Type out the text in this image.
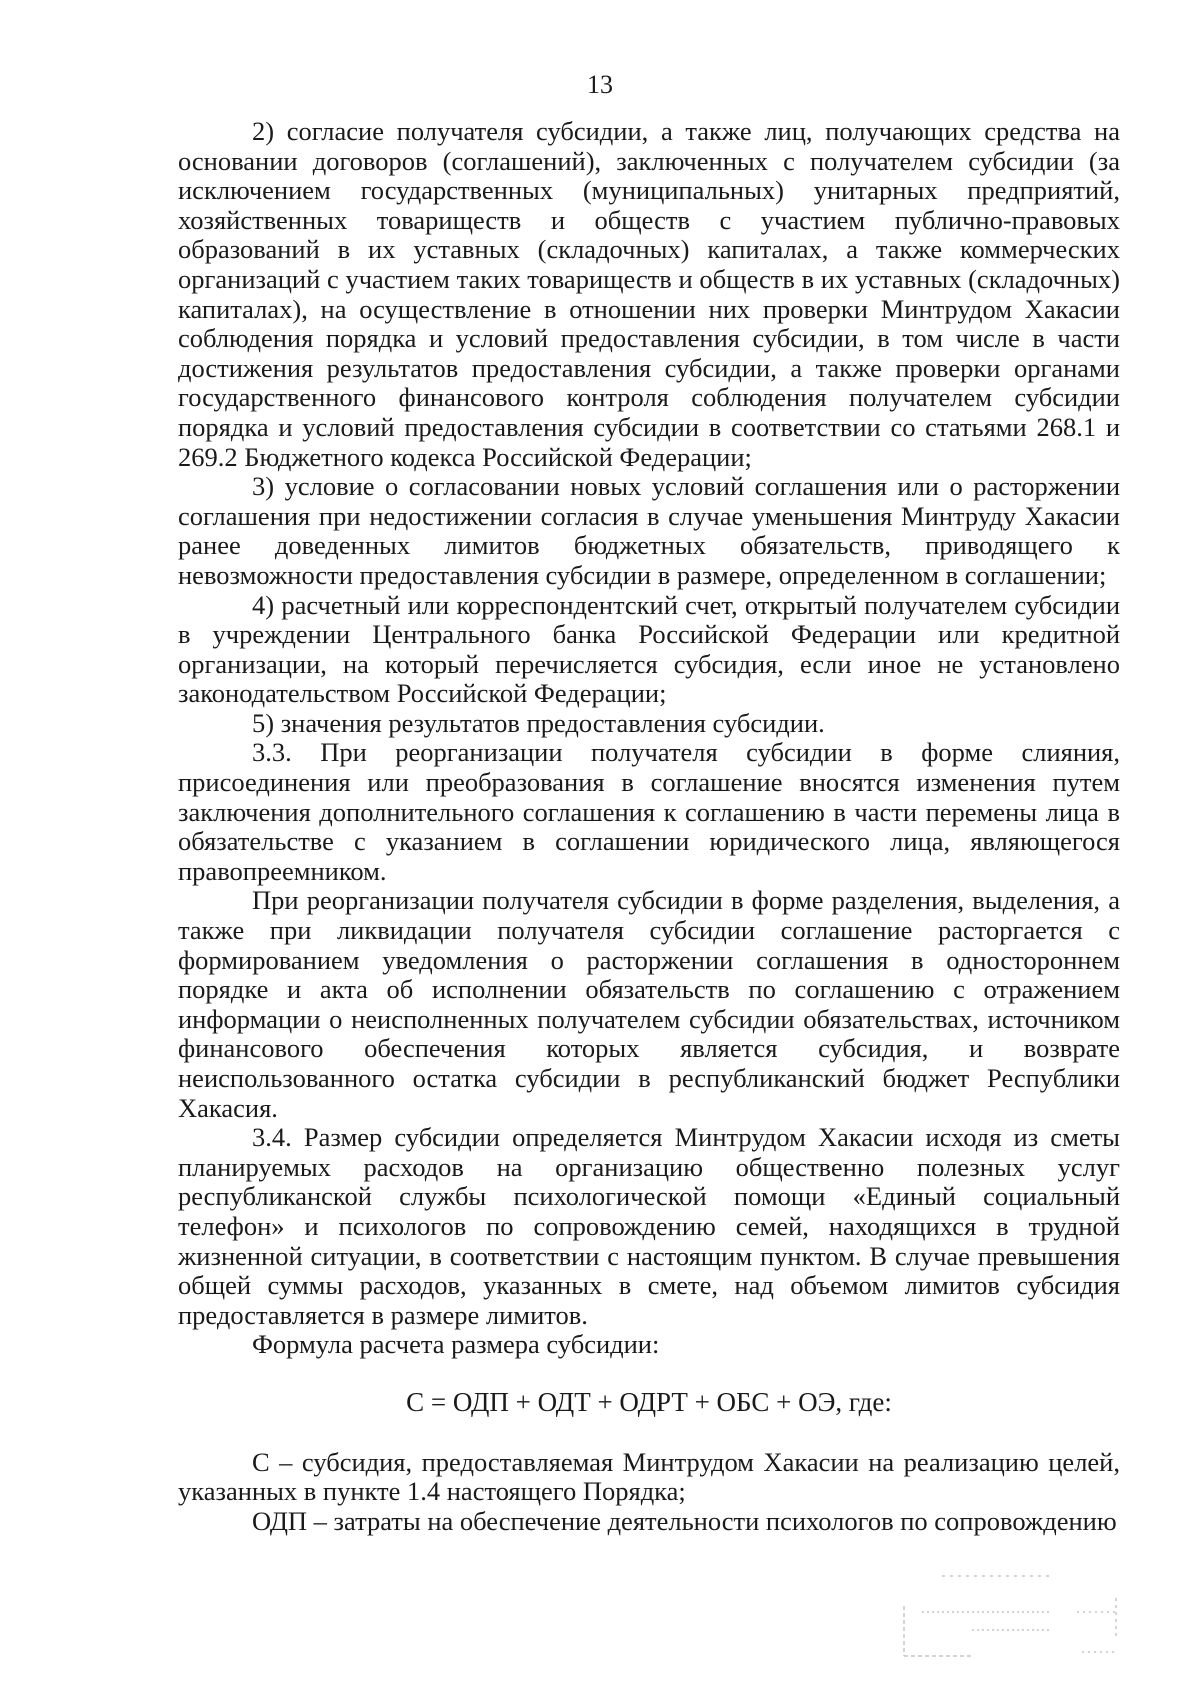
13

2) согласие получателя субсидии, а также лиц, получающих средства на основании договоров (соглашений), заключенных с получателем субсидии (за исключением государственных (муниципальных) унитарных предприятий, хозяйственных товариществ и обществ с участием публично-правовых образований в их уставных (складочных) капиталах, а также коммерческих организаций с участием таких товариществ и обществ в их уставных (складочных) капиталах), на осуществление в отношении них проверки Минтрудом Хакасии соблюдения порядка и условий предоставления субсидии, в том числе в части достижения результатов предоставления субсидии, а также проверки органами государственного финансового контроля соблюдения получателем субсидии порядка и условий предоставления субсидии в соответствии со статьями 268.1 и 269.2 Бюджетного кодекса Российской Федерации;

3) условие о согласовании новых условий соглашения или о расторжении соглашения при недостижении согласия в случае уменьшения Минтруду Хакасии ранее доведенных лимитов бюджетных обязательств, приводящего к невозможности предоставления субсидии в размере, определенном в соглашении;

4) расчетный или корреспондентский счет, открытый получателем субсидии в учреждении Центрального банка Российской Федерации или кредитной организации, на который перечисляется субсидия, если иное не установлено законодательством Российской Федерации;

5) значения результатов предоставления субсидии.

3.3. При реорганизации получателя субсидии в форме слияния, присоединения или преобразования в соглашение вносятся изменения путем заключения дополнительного соглашения к соглашению в части перемены лица в обязательстве с указанием в соглашении юридического лица, являющегося правопреемником.

При реорганизации получателя субсидии в форме разделения, выделения, а также при ликвидации получателя субсидии соглашение расторгается с формированием уведомления о расторжении соглашения в одностороннем порядке и акта об исполнении обязательств по соглашению с отражением информации о неисполненных получателем субсидии обязательствах, источником финансового обеспечения которых является субсидия, и возврате неиспользованного остатка субсидии в республиканский бюджет Республики Хакасия.

3.4. Размер субсидии определяется Минтрудом Хакасии исходя из сметы планируемых расходов на организацию общественно полезных услуг республиканской службы психологической помощи «Единый социальный телефон» и психологов по сопровождению семей, находящихся в трудной жизненной ситуации, в соответствии с настоящим пунктом. В случае превышения общей суммы расходов, указанных в смете, над объемом лимитов субсидия предоставляется в размере лимитов.

Формула расчета размера субсидии:

С = ОДП + ОДТ + ОДРТ + ОБС + ОЭ, где:

С – субсидия, предоставляемая Минтрудом Хакасии на реализацию целей, указанных в пункте 1.4 настоящего Порядка;

ОДП – затраты на обеспечение деятельности психологов по сопровождению
